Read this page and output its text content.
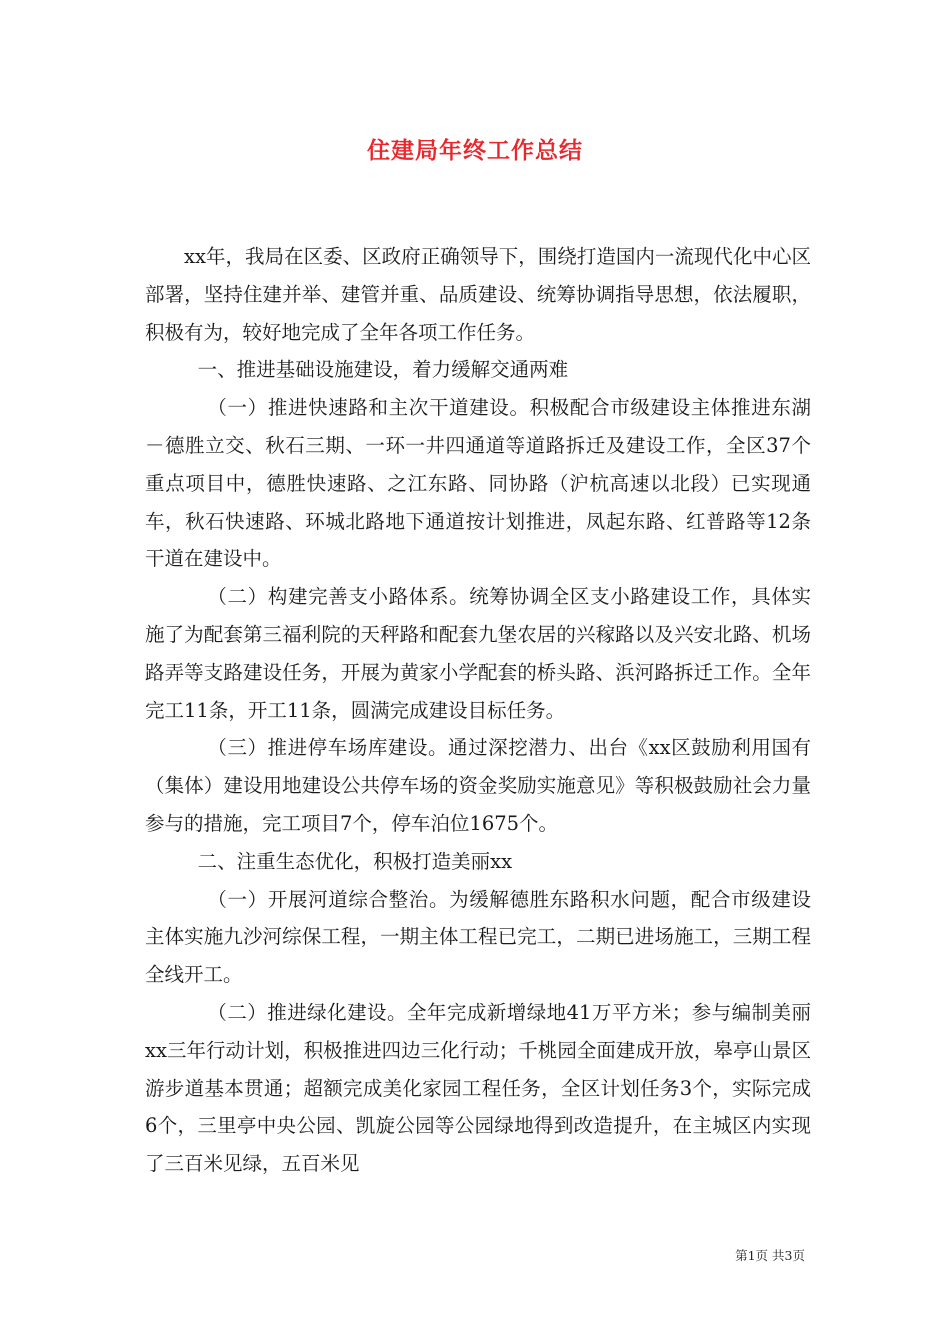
住建局年终工作总结

xx年，我局在区委、区政府正确领导下，围绕打造国内一流现代化中心区部署，坚持住建并举、建管并重、品质建设、统筹协调指导思想，依法履职，积极有为，较好地完成了全年各项工作任务。

一、推进基础设施建设，着力缓解交通两难

（一）推进快速路和主次干道建设。积极配合市级建设主体推进东湖－德胜立交、秋石三期、一环一井四通道等道路拆迁及建设工作，全区37个重点项目中，德胜快速路、之江东路、同协路（沪杭高速以北段）已实现通车，秋石快速路、环城北路地下通道按计划推进，凤起东路、红普路等12条干道在建设中。

（二）构建完善支小路体系。统筹协调全区支小路建设工作，具体实施了为配套第三福利院的天秤路和配套九堡农居的兴稼路以及兴安北路、机场路弄等支路建设任务，开展为黄家小学配套的桥头路、浜河路拆迁工作。全年完工11条，开工11条，圆满完成建设目标任务。

（三）推进停车场库建设。通过深挖潜力、出台《xx区鼓励利用国有（集体）建设用地建设公共停车场的资金奖励实施意见》等积极鼓励社会力量参与的措施，完工项目7个，停车泊位1675个。

二、注重生态优化，积极打造美丽xx

（一）开展河道综合整治。为缓解德胜东路积水问题，配合市级建设主体实施九沙河综保工程，一期主体工程已完工，二期已进场施工，三期工程全线开工。

（二）推进绿化建设。全年完成新增绿地41万平方米；参与编制美丽xx三年行动计划，积极推进四边三化行动；千桃园全面建成开放，皋亭山景区游步道基本贯通；超额完成美化家园工程任务，全区计划任务3个，实际完成6个，三里亭中央公园、凯旋公园等公园绿地得到改造提升，在主城区内实现了三百米见绿，五百米见

第1页 共3页
